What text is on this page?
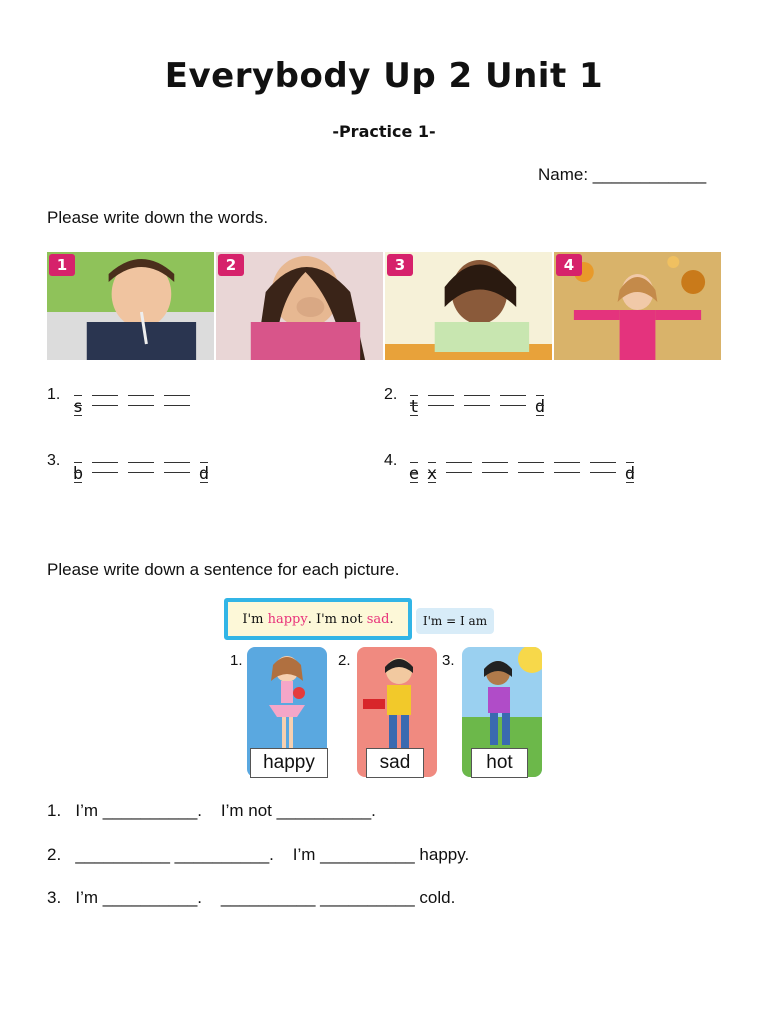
Everybody Up 2 Unit 1
-Practice 1-
Name: ____________
Please write down the words.
1	2	3	4
1.
s
2.
t	d
3.
b	d
4.
e x	d
Please write down a sentence for each picture.
I'm happy . I'm not sad .	I'm = I am
1.	2.	3.
happy	sad	hot
1.   I’m __________.    I’m not __________.
2.   __________ __________.    I’m __________ happy.
3.   I’m __________.    __________ __________ cold.
